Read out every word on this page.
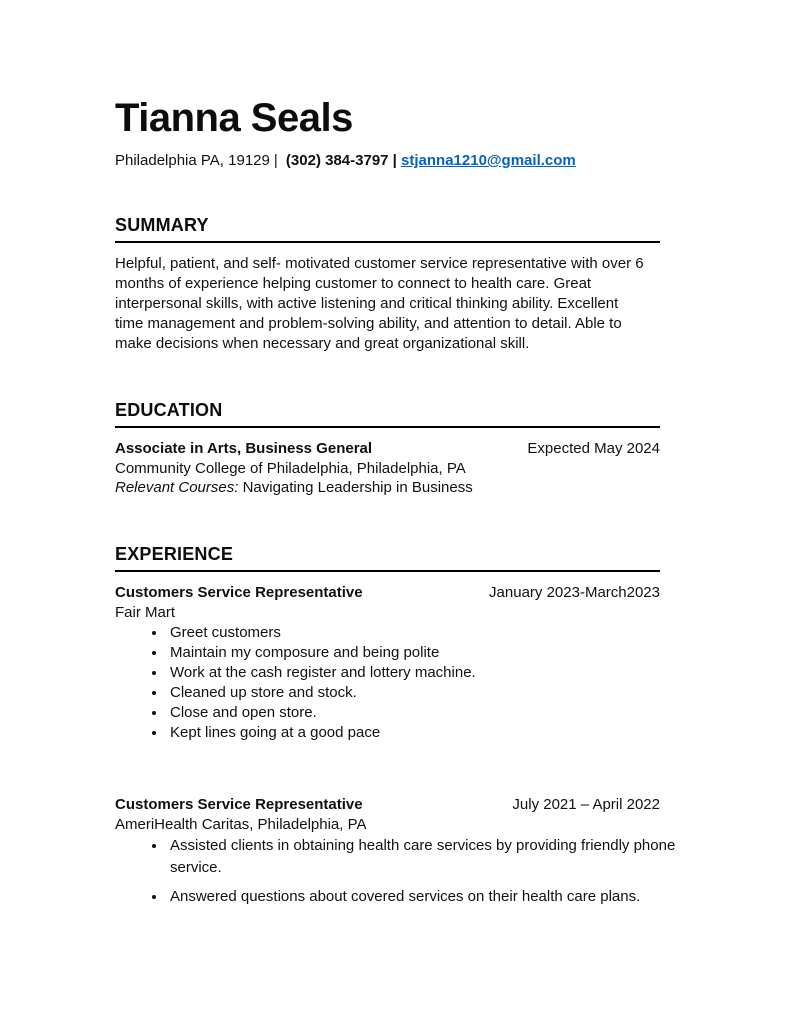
Tianna Seals
Philadelphia PA, 19129 | (302) 384-3797 | stjanna1210@gmail.com
SUMMARY

Helpful, patient, and self- motivated customer service representative with over 6 months of experience helping customer to connect to health care. Great interpersonal skills, with active listening and critical thinking ability. Excellent time management and problem-solving ability, and attention to detail. Able to make decisions when necessary and great organizational skill.

EDUCATION
Associate in Arts, Business General	Expected May 2024
Community College of Philadelphia, Philadelphia, PA
Relevant Courses: Navigating Leadership in Business
EXPERIENCE
Customers Service Representative	January 2023-March2023
Fair Mart
• Greet customers
• Maintain my composure and being polite
• Work at the cash register and lottery machine.
• Cleaned up store and stock.
• Close and open store.
• Kept lines going at a good pace
Customers Service Representative	July 2021 – April 2022
AmeriHealth Caritas, Philadelphia, PA
• Assisted clients in obtaining health care services by providing friendly phone service.
• Answered questions about covered services on their health care plans.
